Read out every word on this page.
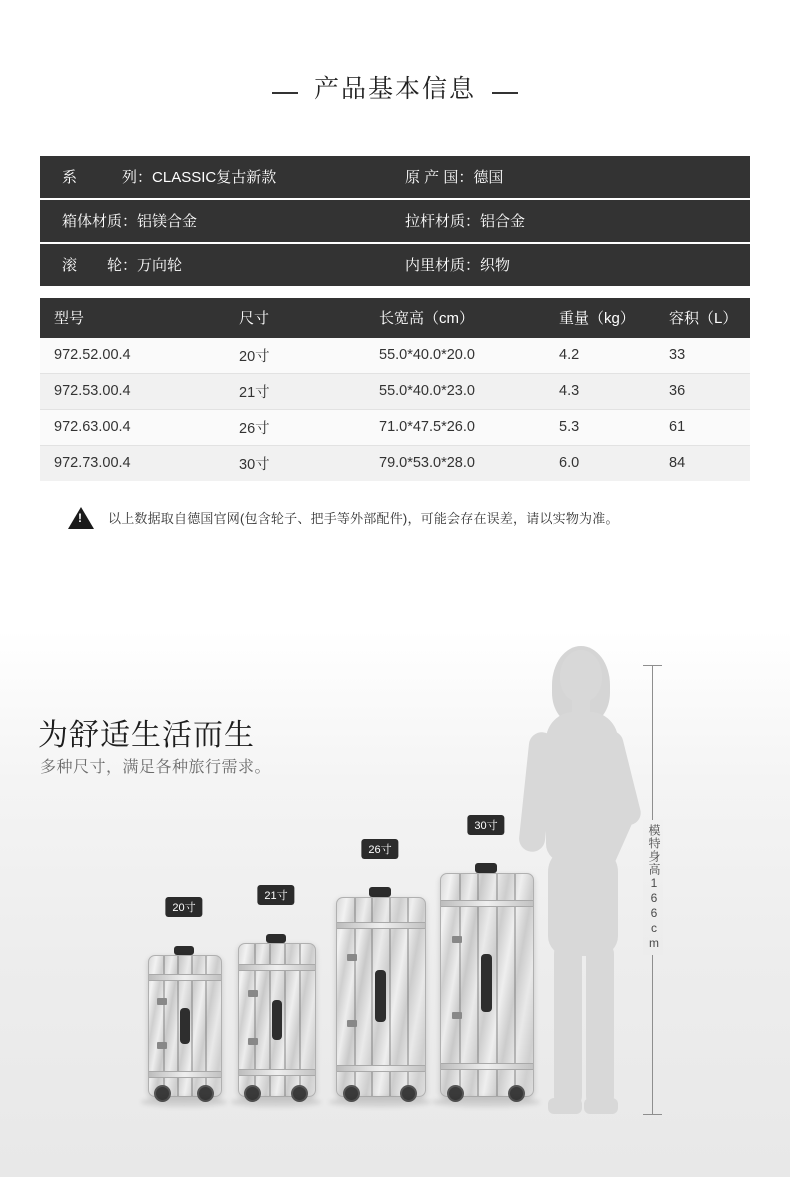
产品基本信息
系　　　列：CLASSIC复古新款	原 产 国：德国
箱体材质：铝镁合金	拉杆材质：铝合金
滚　　轮：万向轮	内里材质：织物
型号	尺寸	长宽高（cm）	重量（kg）	容积（L）
972.52.00.4	20寸	55.0*40.0*20.0	4.2	33
972.53.00.4	21寸	55.0*40.0*23.0	4.3	36
972.63.00.4	26寸	71.0*47.5*26.0	5.3	61
972.73.00.4	30寸	79.0*53.0*28.0	6.0	84
!
以上数据取自德国官网(包含轮子、把手等外部配件)，可能会存在误差，请以实物为准。
为舒适生活而生

多种尺寸，满足各种旅行需求。

模特身高166cm
20寸
21寸
26寸
30寸
